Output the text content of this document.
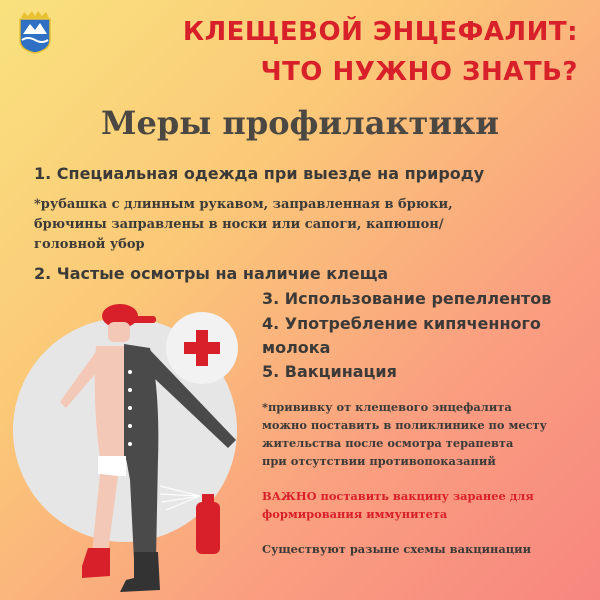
КЛЕЩЕВОЙ ЭНЦЕФАЛИТ:
ЧТО НУЖНО ЗНАТЬ?
Меры профилактики
1. Специальная одежда при выезде на природу
*рубашка с длинным рукавом, заправленная в брюки,
брючины заправлены в носки или сапоги, капюшон/
головной убор
2. Частые осмотры на наличие клеща
3. Использование репеллентов
4. Употребление кипяченного
молока
5. Вакцинация
*прививку от клещевого энцефалита
можно поставить в поликлинике по месту
жительства после осмотра терапевта
при отсутствии противопоказаний
ВАЖНО поставить вакцину заранее для
формирования иммунитета
Существуют разыне схемы вакцинации
